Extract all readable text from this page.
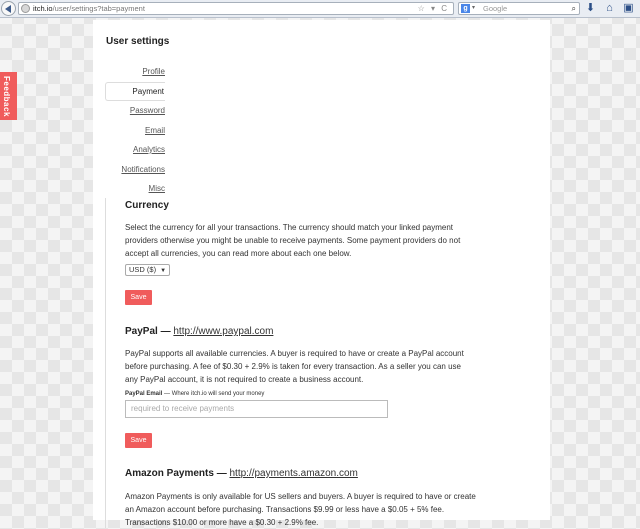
itch.io/user/settings?tab=payment	☆ ▾ C	g ▾ Google	⌕ ⬇ ⌂ ▣
Feedback
User settings
Profile
Payment
Password
Email
Analytics
Notifications
Misc
Currency
Select the currency for all your transactions. The currency should match your linked payment providers otherwise you might be unable to receive payments. Some payment providers do not accept all currencies, you can read more about each one below.
USD ($) ▼
Save
PayPal — http://www.paypal.com
PayPal supports all available currencies. A buyer is required to have or create a PayPal account before purchasing. A fee of $0.30 + 2.9% is taken for every transaction. As a seller you can use any PayPal account, it is not required to create a business account.
PayPal Email — Where itch.io will send your money
required to receive payments
Save
Amazon Payments — http://payments.amazon.com
Amazon Payments is only available for US sellers and buyers. A buyer is required to have or create an Amazon account before purchasing. Transactions $9.99 or less have a $0.05 + 5% fee. Transactions $10.00 or more have a $0.30 + 2.9% fee.
